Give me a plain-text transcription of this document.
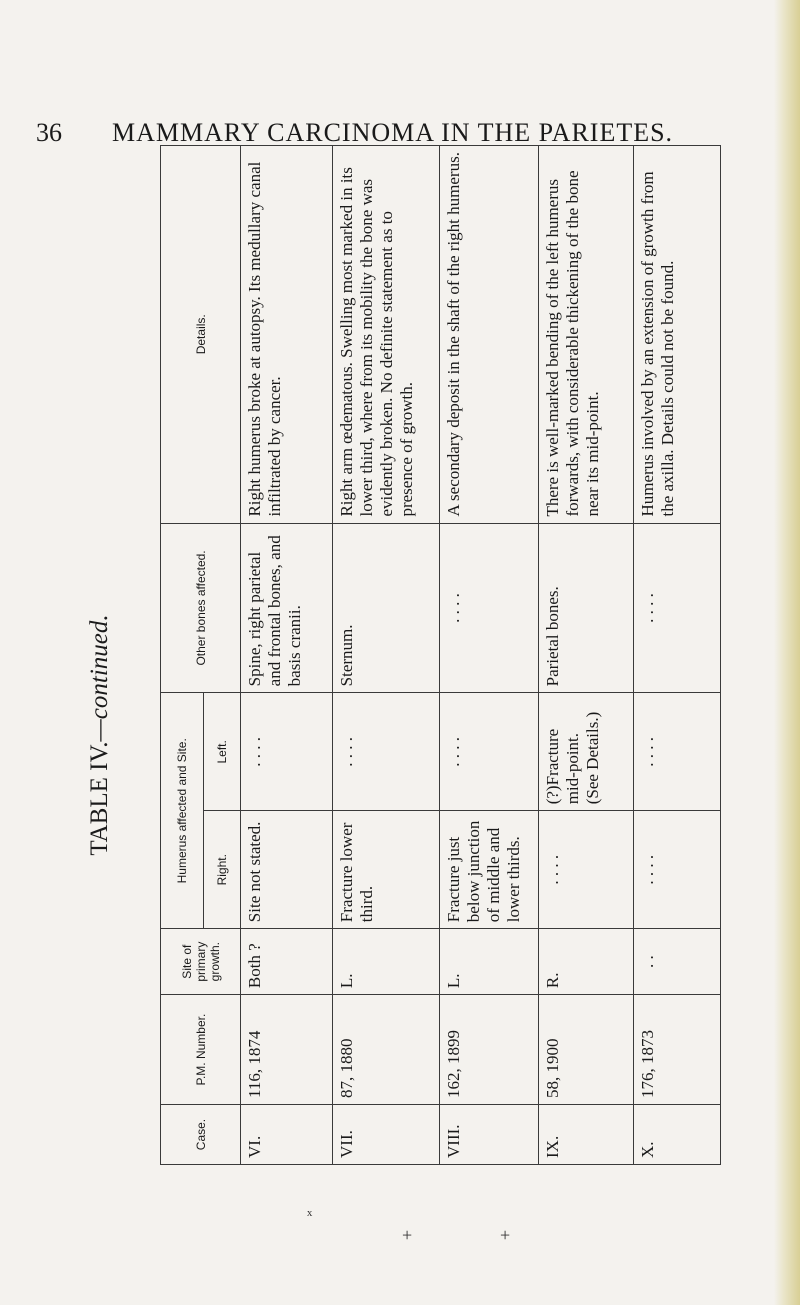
36 MAMMARY CARCINOMA IN THE PARIETES.
TABLE IV.—continued.
Case.	P.M. Number.	Site of primary growth.	Humerus affected and Site.		Other bones affected.	Details.
			Right.	Left.		
VI.	116, 1874	Both ?	Site not stated.	. . . .	Spine, right parietal and frontal bones, and basis cranii.	Right humerus broke at autopsy. Its medullary canal infiltrated by cancer.
VII.	87, 1880	L.	Fracture lower third.	. . . .	Sternum.	Right arm œdematous. Swelling most marked in its lower third, where from its mobility the bone was evidently broken. No definite statement as to presence of growth.
VIII.	162, 1899	L.	Fracture just below junction of middle and lower thirds.	. . . .	. . . .	A secondary deposit in the shaft of the right humerus.
IX.	58, 1900	R.	. . . .	(?)Fracture mid-point. (See Details.)	Parietal bones.	There is well-marked bending of the left humerus forwards, with considerable thickening of the bone near its mid-point.
X.	176, 1873	. .	. . . .	. . . .	. . . .	Humerus involved by an extension of growth from the axilla. Details could not be found.
ˣ
+	+
